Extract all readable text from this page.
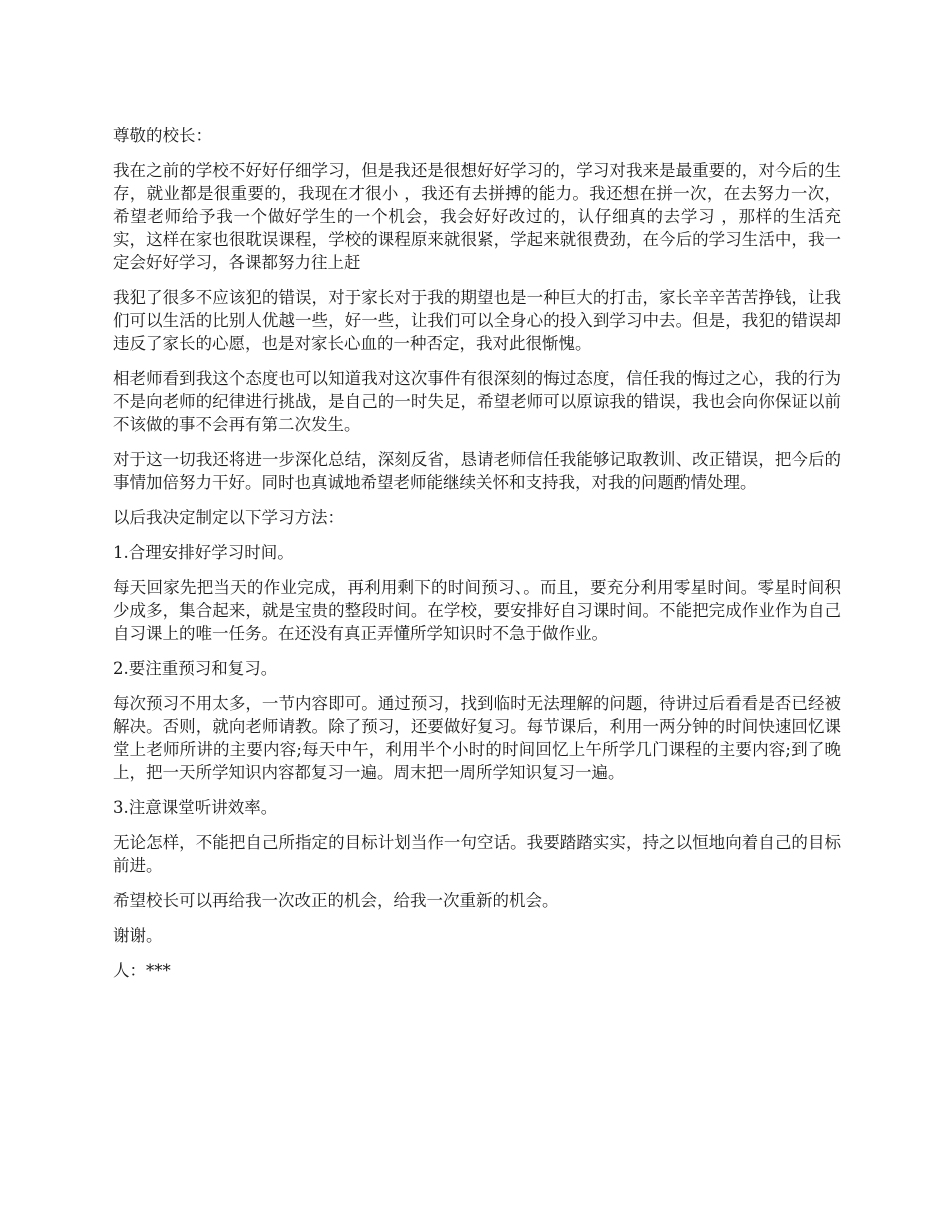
尊敬的校长：

我在之前的学校不好好仔细学习，但是我还是很想好好学习的，学习对我来是最重要的，对今后的生存，就业都是很重要的，我现在才很小 ，我还有去拼搏的能力。我还想在拼一次，在去努力一次，希望老师给予我一个做好学生的一个机会，我会好好改过的，认仔细真的去学习 ，那样的生活充实，这样在家也很耽误课程，学校的课程原来就很紧，学起来就很费劲，在今后的学习生活中，我一定会好好学习，各课都努力往上赶

我犯了很多不应该犯的错误，对于家长对于我的期望也是一种巨大的打击，家长辛辛苦苦挣钱，让我们可以生活的比别人优越一些，好一些，让我们可以全身心的投入到学习中去。但是，我犯的错误却违反了家长的心愿，也是对家长心血的一种否定，我对此很惭愧。

相老师看到我这个态度也可以知道我对这次事件有很深刻的悔过态度，信任我的悔过之心，我的行为不是向老师的纪律进行挑战，是自己的一时失足，希望老师可以原谅我的错误，我也会向你保证以前不该做的事不会再有第二次发生。

对于这一切我还将进一步深化总结，深刻反省，恳请老师信任我能够记取教训、改正错误，把今后的事情加倍努力干好。同时也真诚地希望老师能继续关怀和支持我，对我的问题酌情处理。

以后我决定制定以下学习方法：

1.合理安排好学习时间。

每天回家先把当天的作业完成，再利用剩下的时间预习、。而且，要充分利用零星时间。零星时间积少成多，集合起来，就是宝贵的整段时间。在学校，要安排好自习课时间。不能把完成作业作为自己自习课上的唯一任务。在还没有真正弄懂所学知识时不急于做作业。

2.要注重预习和复习。

每次预习不用太多，一节内容即可。通过预习，找到临时无法理解的问题，待讲过后看看是否已经被解决。否则，就向老师请教。除了预习，还要做好复习。每节课后，利用一两分钟的时间快速回忆课堂上老师所讲的主要内容;每天中午，利用半个小时的时间回忆上午所学几门课程的主要内容;到了晚上，把一天所学知识内容都复习一遍。周末把一周所学知识复习一遍。

3.注意课堂听讲效率。

无论怎样，不能把自己所指定的目标计划当作一句空话。我要踏踏实实，持之以恒地向着自己的目标前进。

希望校长可以再给我一次改正的机会，给我一次重新的机会。

谢谢。

人：***
